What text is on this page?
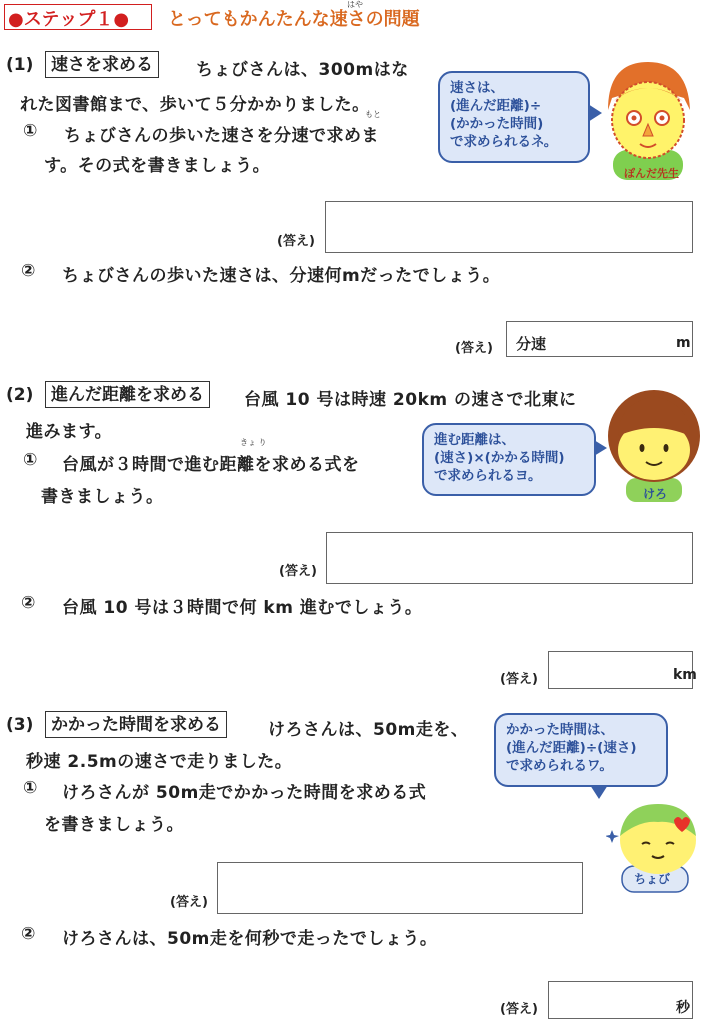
●ステップ１●
はや
とってもかんたんな速さの問題
(1)	速さを求める	ちょびさんは、300mはな
れた図書館まで、歩いて５分かかりました。
①
もと
ちょびさんの歩いた速さを分速で求めま
す。その式を書きましょう。
(答え)
② ちょびさんの歩いた速さは、分速何mだったでしょう。
(答え) 分速	m
速さは、
(進んだ距離)÷
(かかった時間)
で求められるネ。
ぽんだ先生
(2)	進んだ距離を求める	台風 10 号は時速 20km の速さで北東に
進みます。
①
きょ り
台風が３時間で進む距離を求める式を
書きましょう。
(答え)
② 台風 10 号は３時間で何 km 進むでしょう。
(答え)	km
進む距離は、
(速さ)×(かかる時間)
で求められるヨ。
けろ
(3)	かかった時間を求める	けろさんは、50m走を、
秒速 2.5mの速さで走りました。
① けろさんが 50m走でかかった時間を求める式
を書きましょう。
(答え)
② けろさんは、50m走を何秒で走ったでしょう。
(答え)	秒
かかった時間は、
(進んだ距離)÷(速さ)
で求められるワ。
ちょび
